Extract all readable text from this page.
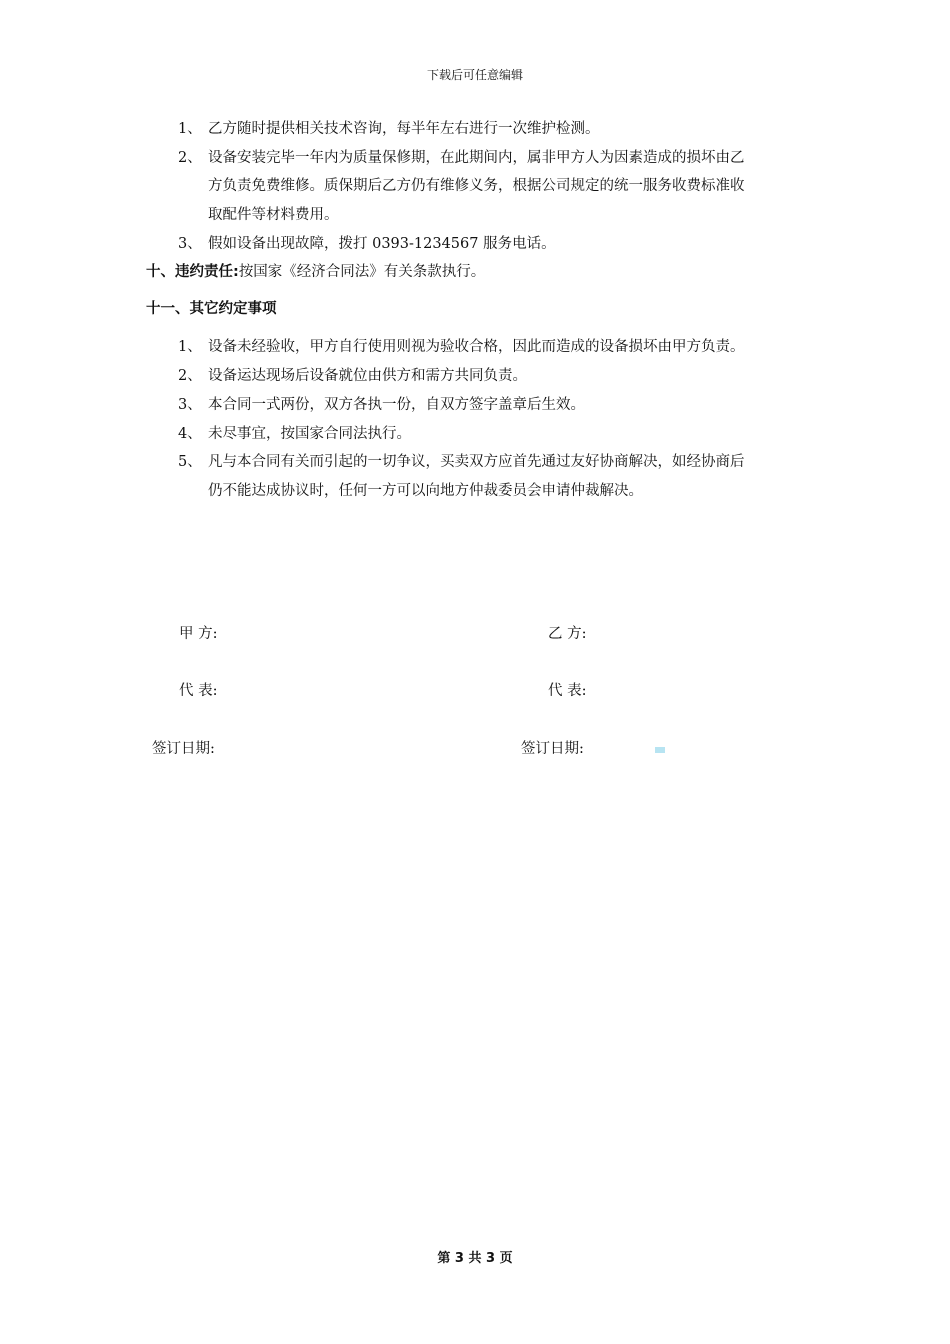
下载后可任意编辑
1、 乙方随时提供相关技术咨询，每半年左右进行一次维护检测。
2、 设备安装完毕一年内为质量保修期，在此期间内，属非甲方人为因素造成的损坏由乙
方负责免费维修。质保期后乙方仍有维修义务，根据公司规定的统一服务收费标准收
取配件等材料费用。
3、 假如设备出现故障，拨打 0393-1234567 服务电话。
十、违约责任:按国家《经济合同法》有关条款执行。
十一、其它约定事项
1、 设备未经验收，甲方自行使用则视为验收合格，因此而造成的设备损坏由甲方负责。
2、 设备运达现场后设备就位由供方和需方共同负责。
3、 本合同一式两份，双方各执一份，自双方签字盖章后生效。
4、 未尽事宜，按国家合同法执行。
5、 凡与本合同有关而引起的一切争议，买卖双方应首先通过友好协商解决，如经协商后
仍不能达成协议时，任何一方可以向地方仲裁委员会申请仲裁解决。
甲 方:	乙 方:
代 表:	代 表:
签订日期:	签订日期:
第 3 共 3 页
